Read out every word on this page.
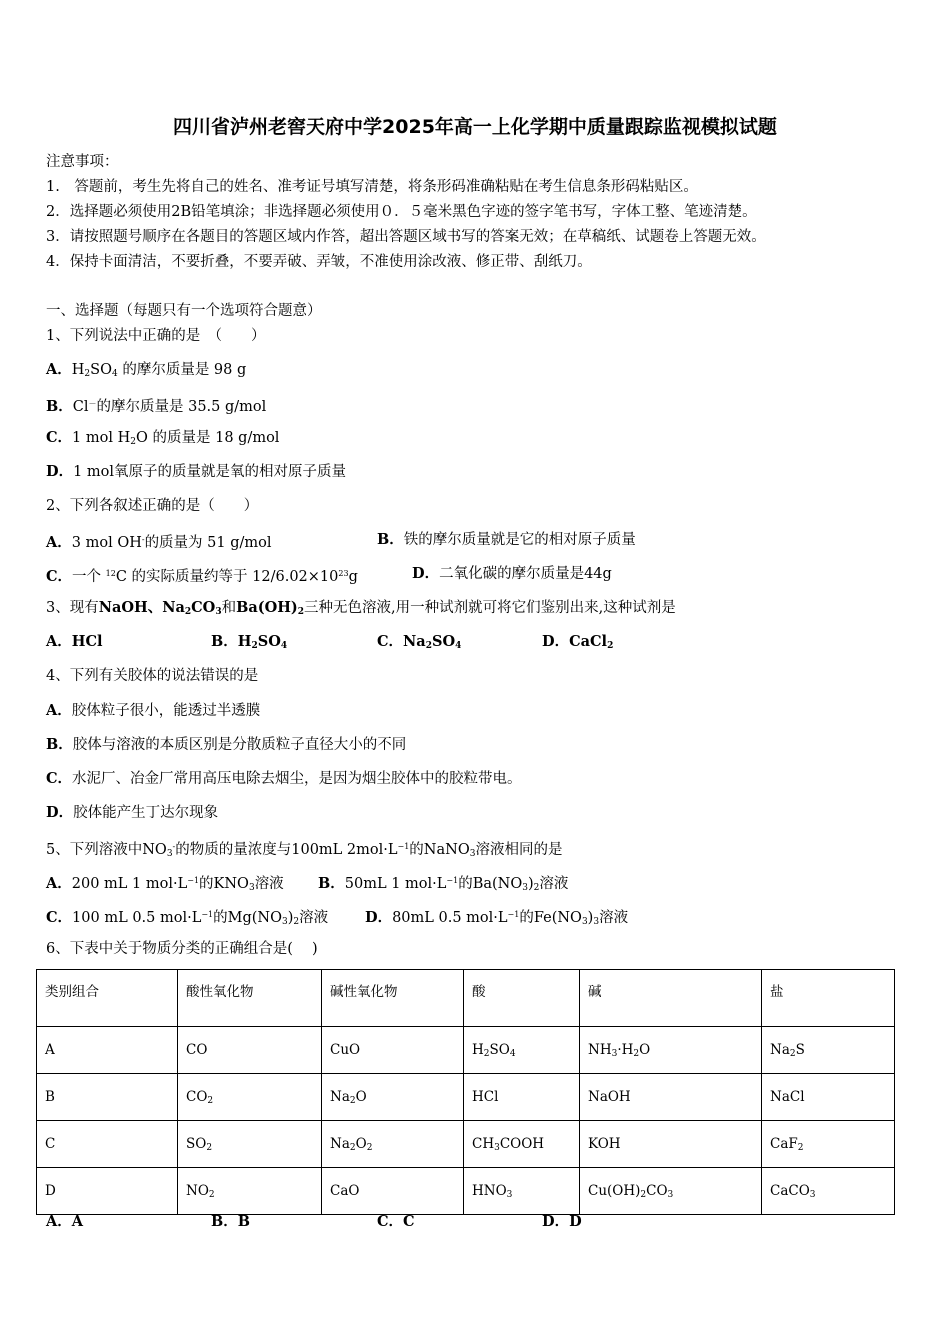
四川省泸州老窖天府中学2025年高一上化学期中质量跟踪监视模拟试题
注意事项：
1.　答题前，考生先将自己的姓名、准考证号填写清楚，将条形码准确粘贴在考生信息条形码粘贴区。
2．选择题必须使用2B铅笔填涂；非选择题必须使用０．５毫米黑色字迹的签字笔书写，字体工整、笔迹清楚。
3．请按照题号顺序在各题目的答题区域内作答，超出答题区域书写的答案无效；在草稿纸、试题卷上答题无效。
4．保持卡面清洁，不要折叠，不要弄破、弄皱，不准使用涂改液、修正带、刮纸刀。
一、选择题（每题只有一个选项符合题意）
1、下列说法中正确的是　（　　）
A．$H_2SO_4$ 的摩尔质量是 98 g
B．Cl－的摩尔质量是 35.5 g/mol
C．1 mol $H_2O$ 的质量是 18 g/mol
D．1 mol氧原子的质量就是氧的相对原子质量
2、下列各叙述正确的是（　　）
A．3 mol OH-的质量为 51 g/mol	B．铁的摩尔质量就是它的相对原子质量
C．一个 $^{12}$C 的实际质量约等于 $12/6.02\times 10^{23}g$	D．二氧化碳的摩尔质量是44g
3、现有NaOH、$Na_2CO_3$和$Ba(OH)_2$三种无色溶液,用一种试剂就可将它们鉴别出来,这种试剂是
A．HCl	B．$H_2SO_4$	C．$Na_2SO_4$	D．CaCl$_2$
4、下列有关胶体的说法错误的是
A．胶体粒子很小，能透过半透膜
B．胶体与溶液的本质区别是分散质粒子直径大小的不同
C．水泥厂、冶金厂常用高压电除去烟尘，是因为烟尘胶体中的胶粒带电。
D．胶体能产生丁达尔现象
5、下列溶液中$NO_3^-$的物质的量浓度与100mL $2mol\cdot L^{-1}$的NaNO$_3$溶液相同的是
A．200 mL 1 $mol\cdot L^{-1}$的$KNO_3$溶液 B．50mL 1 $mol\cdot L^{-1}$的$Ba(NO_3)_2$溶液
C．100 mL 0.5 $mol\cdot L^{-1}$的$Mg(NO_3)_2$溶液	D．80mL 0.5 $mol\cdot L^{-1}$的$Fe(NO_3)_3$溶液
6、下表中关于物质分类的正确组合是(　 )
类别组合	酸性氧化物	碱性氧化物	酸	碱	盐
A	CO	CuO	$H_2SO_4$	$NH_3\cdot H_2O$	$Na_2S$
B	$CO_2$	$Na_2O$	HCl	NaOH	NaCl
C	$SO_2$	$Na_2O_2$	$CH_3COOH$	KOH	CaF$_2$
D	$NO_2$	CaO	$HNO_3$	$Cu(OH)_2CO_3$	CaCO$_3$
A．A	B．B	C．C	D．D
